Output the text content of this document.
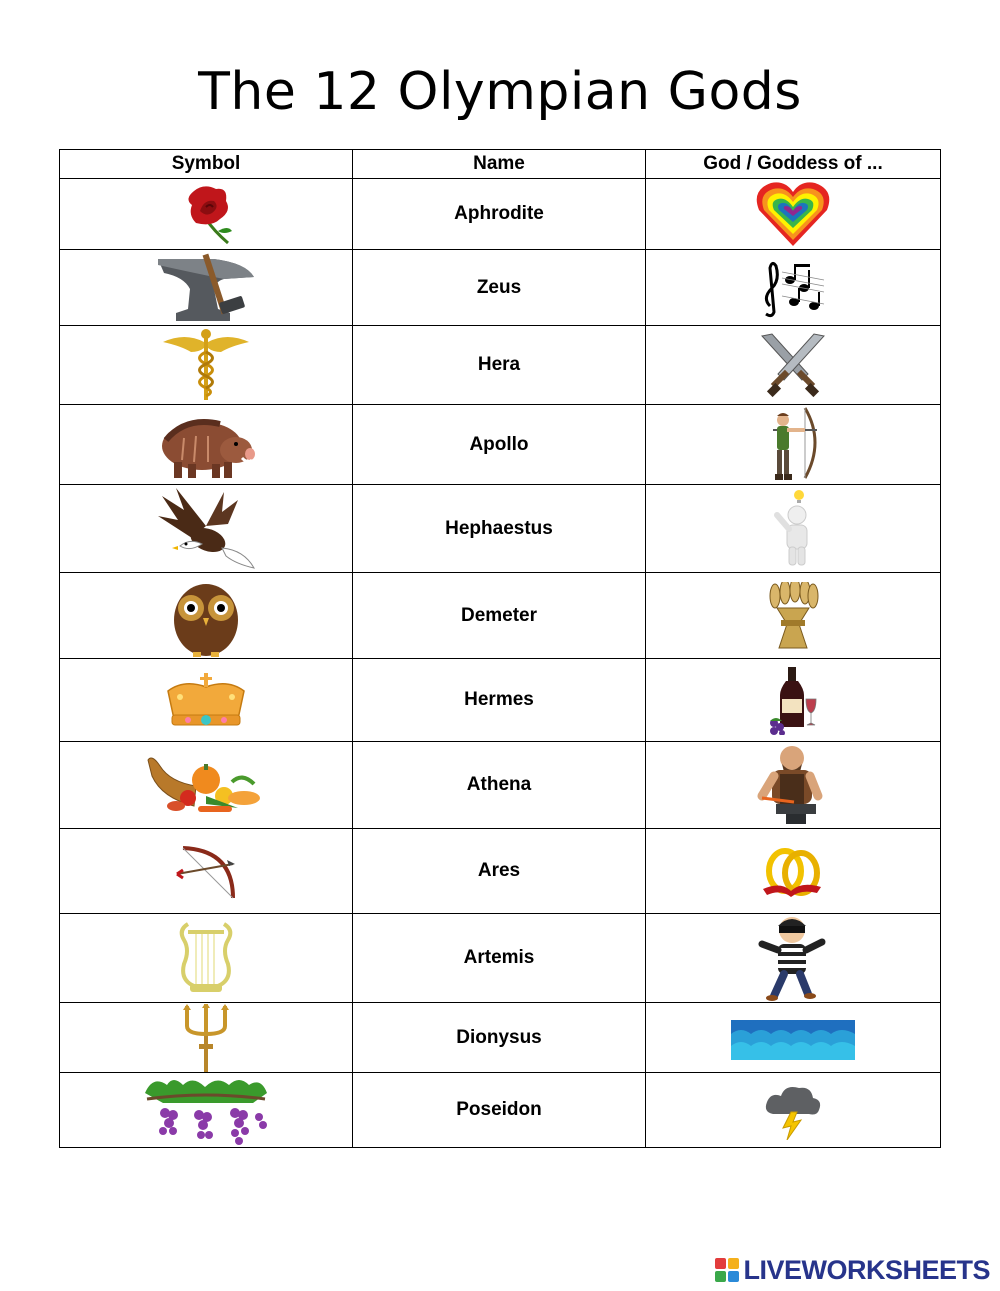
The 12 Olympian Gods
Symbol	Name	God / Goddess of ...

	Aphrodite	

	Zeus	

	Hera	

	Apollo	

	Hephaestus	

	Demeter	

	Hermes	

	Athena	

	Ares	

	Artemis	

	Dionysus	

	Poseidon	
LIVEWORKSHEETS
